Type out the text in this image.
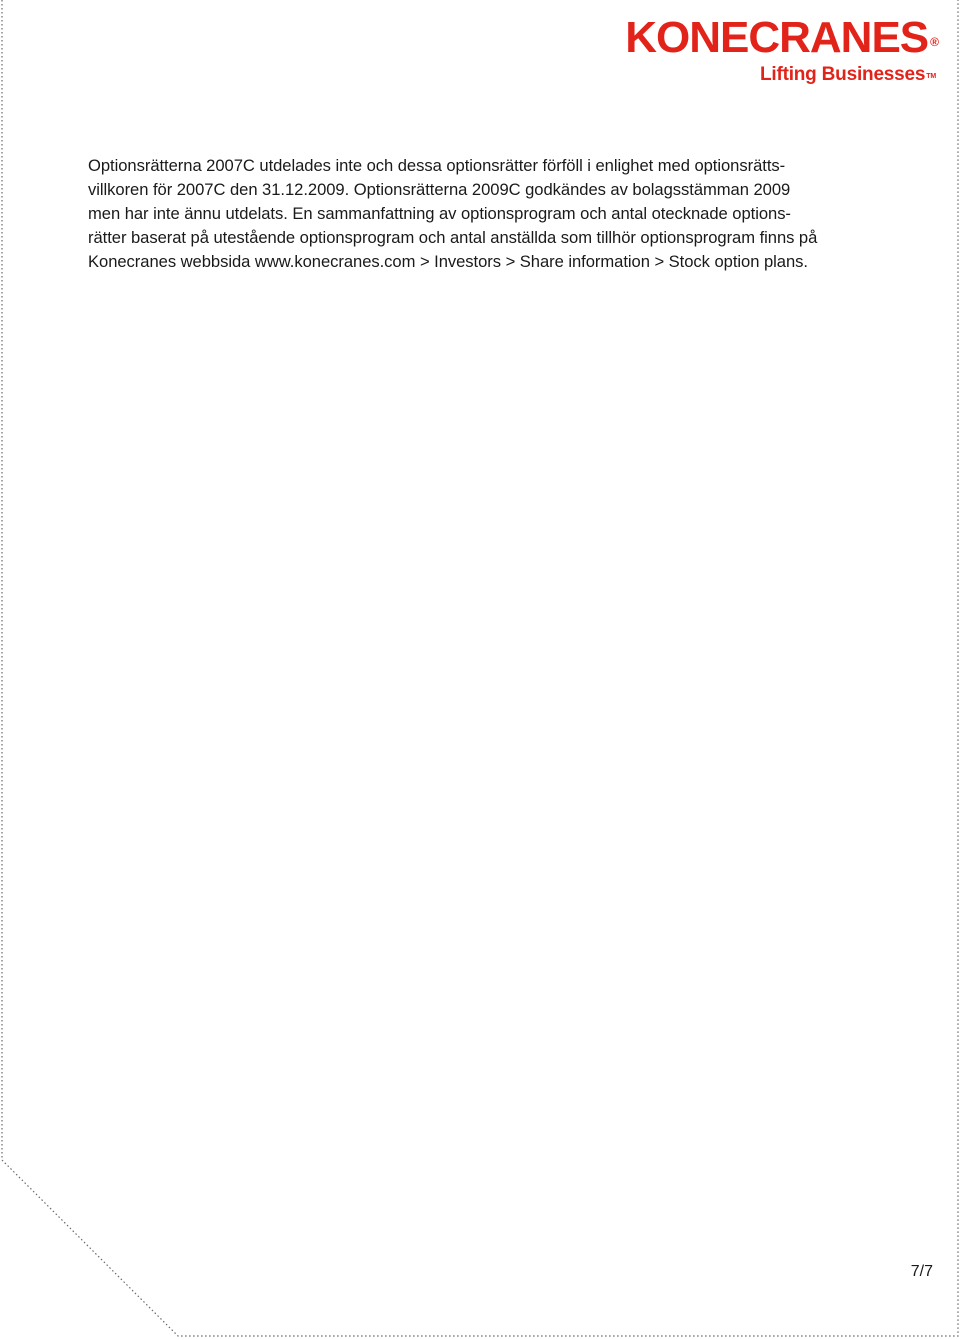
KONECRANES ®
Lifting Businesses™

Optionsrätterna 2007C utdelades inte och dessa optionsrätter förföll i enlighet med optionsrätts-
villkoren för 2007C den 31.12.2009. Optionsrätterna 2009C godkändes av bolagsstämman 2009
men har inte ännu utdelats. En sammanfattning av optionsprogram och antal otecknade options-
rätter baserat på utestående optionsprogram och antal anställda som tillhör optionsprogram finns på
Konecranes webbsida www.konecranes.com > Investors > Share information > Stock option plans.

7/7
